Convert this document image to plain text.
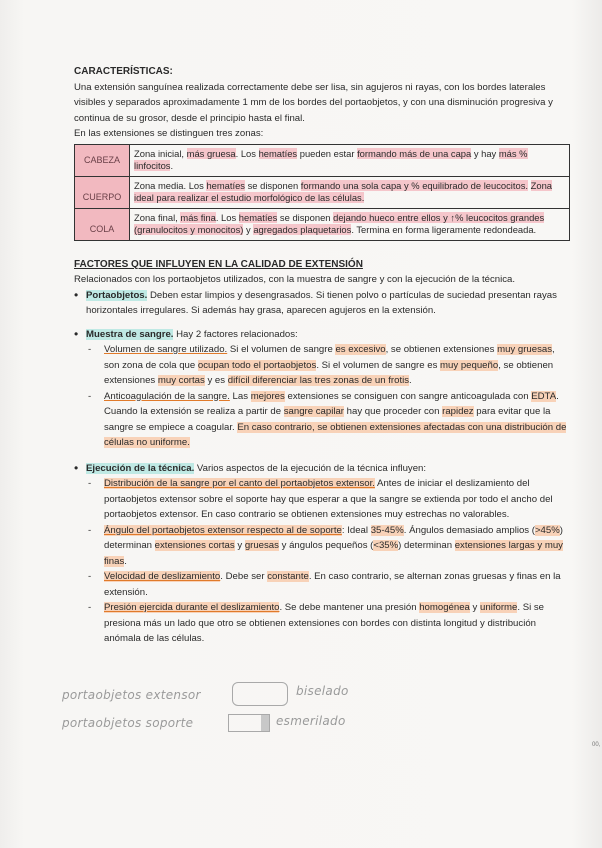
CARACTERÍSTICAS:

Una extensión sanguínea realizada correctamente debe ser lisa, sin agujeros ni rayas, con los bordes laterales visibles y separados aproximadamente 1 mm de los bordes del portaobjetos, y con una disminución progresiva y continua de su grosor, desde el principio hasta el final.

En las extensiones se distinguen tres zonas:

CABEZA	Zona inicial, más gruesa. Los hematíes pueden estar formando más de una capa y hay más % linfocitos.
CUERPO	Zona media. Los hematíes se disponen formando una sola capa y % equilibrado de leucocitos. Zona ideal para realizar el estudio morfológico de las células.
COLA	Zona final, más fina. Los hematíes se disponen dejando hueco entre ellos y ↑% leucocitos grandes (granulocitos y monocitos) y agregados plaquetarios. Termina en forma ligeramente redondeada.

FACTORES QUE INFLUYEN EN LA CALIDAD DE EXTENSIÓN

Relacionados con los portaobjetos utilizados, con la muestra de sangre y con la ejecución de la técnica.

• Portaobjetos. Deben estar limpios y desengrasados. Si tienen polvo o partículas de suciedad presentan rayas horizontales irregulares. Si además hay grasa, aparecen agujeros en la extensión.
• Muestra de sangre. Hay 2 factores relacionados:
- Volumen de sangre utilizado. Si el volumen de sangre es excesivo, se obtienen extensiones muy gruesas, son zona de cola que ocupan todo el portaobjetos. Si el volumen de sangre es muy pequeño, se obtienen extensiones muy cortas y es difícil diferenciar las tres zonas de un frotis.
- Anticoagulación de la sangre. Las mejores extensiones se consiguen con sangre anticoagulada con EDTA. Cuando la extensión se realiza a partir de sangre capilar hay que proceder con rapidez para evitar que la sangre se empiece a coagular. En caso contrario, se obtienen extensiones afectadas con una distribución de células no uniforme.
• Ejecución de la técnica. Varios aspectos de la ejecución de la técnica influyen:
- Distribución de la sangre por el canto del portaobjetos extensor. Antes de iniciar el deslizamiento del portaobjetos extensor sobre el soporte hay que esperar a que la sangre se extienda por todo el ancho del portaobjetos extensor. En caso contrario se obtienen extensiones muy estrechas no valorables.
- Ángulo del portaobjetos extensor respecto al de soporte: Ideal 35-45%. Ángulos demasiado amplios (>45%) determinan extensiones cortas y gruesas y ángulos pequeños (<35%) determinan extensiones largas y muy finas.
- Velocidad de deslizamiento. Debe ser constante. En caso contrario, se alternan zonas gruesas y finas en la extensión.
- Presión ejercida durante el deslizamiento. Se debe mantener una presión homogénea y uniforme. Si se presiona más un lado que otro se obtienen extensiones con bordes con distinta longitud y distribución anómala de las células.
portaobjetos extensor	biselado
portaobjetos soporte	esmerilado
00,
